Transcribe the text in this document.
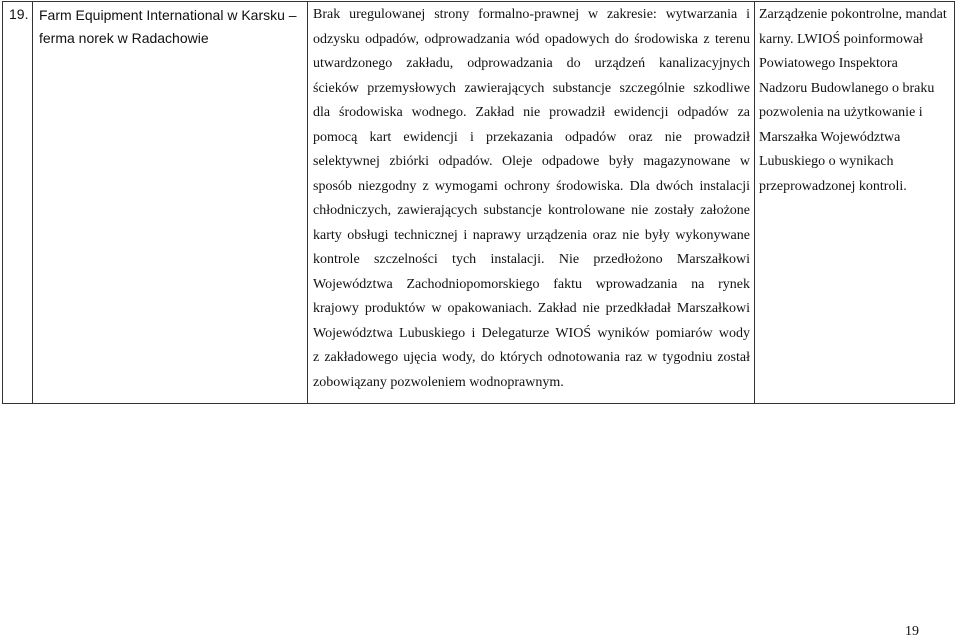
19.	Farm Equipment International w Karsku –
ferma norek w Radachowie

Brak uregulowanej strony formalno-prawnej w zakresie: wytwarzania i
odzysku odpadów, odprowadzania wód opadowych do środowiska z terenu
utwardzonego zakładu, odprowadzania do urządzeń kanalizacyjnych
ścieków przemysłowych zawierających substancje szczególnie szkodliwe
dla środowiska wodnego. Zakład nie prowadził ewidencji odpadów za
pomocą kart ewidencji i przekazania odpadów oraz nie prowadził
selektywnej zbiórki odpadów. Oleje odpadowe były magazynowane w
sposób niezgodny z wymogami ochrony środowiska. Dla dwóch instalacji
chłodniczych, zawierających substancje kontrolowane nie zostały założone
karty obsługi technicznej i naprawy urządzenia oraz nie były wykonywane
kontrole szczelności tych instalacji. Nie przedłożono Marszałkowi
Województwa Zachodniopomorskiego faktu wprowadzania na rynek
krajowy produktów w opakowaniach. Zakład nie przedkładał Marszałkowi
Województwa Lubuskiego i Delegaturze WIOŚ wyników pomiarów wody
z zakładowego ujęcia wody, do których odnotowania raz w tygodniu został
zobowiązany pozwoleniem wodnoprawnym.

Zarządzenie pokontrolne, mandat
karny. LWIOŚ poinformował
Powiatowego Inspektora
Nadzoru Budowlanego o braku
pozwolenia na użytkowanie i
Marszałka Województwa
Lubuskiego o wynikach
przeprowadzonej kontroli.
19
